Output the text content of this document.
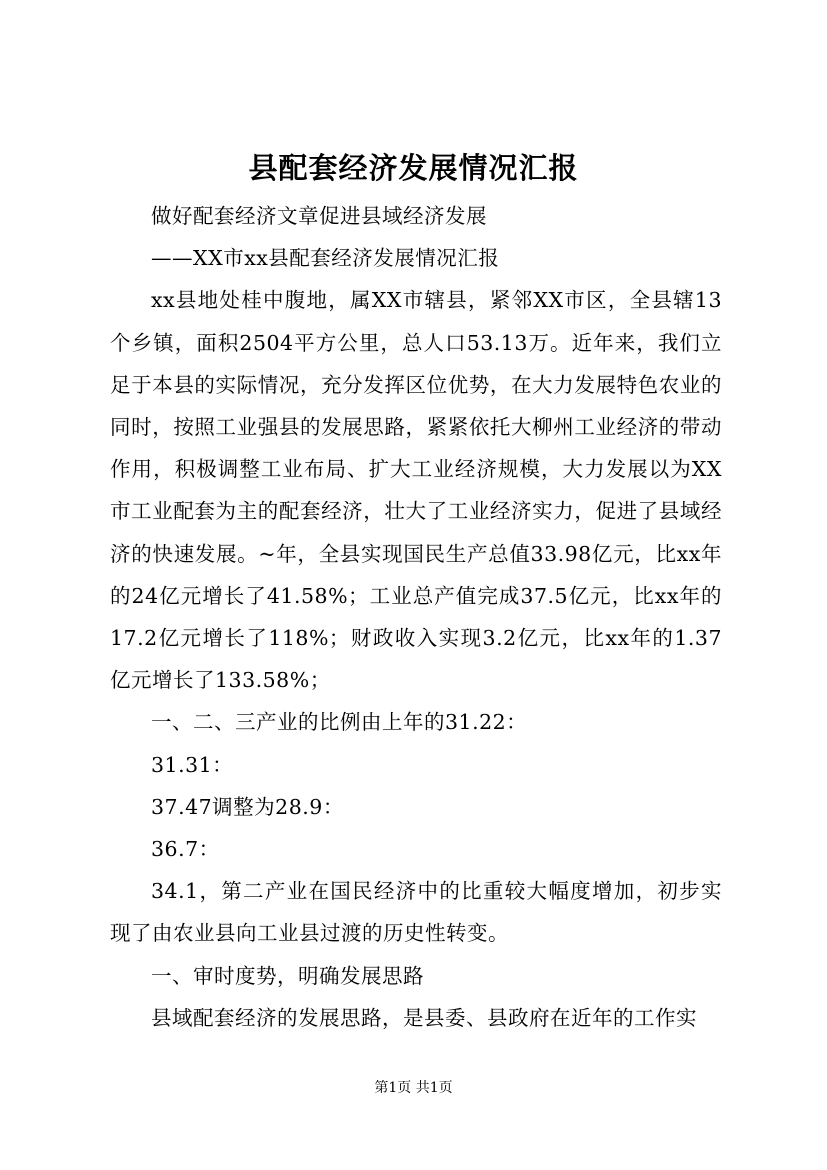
县配套经济发展情况汇报

做好配套经济文章促进县域经济发展

——XX市xx县配套经济发展情况汇报

xx县地处桂中腹地，属XX市辖县，紧邻XX市区，全县辖13个乡镇，面积2504平方公里，总人口53.13万。近年来，我们立足于本县的实际情况，充分发挥区位优势，在大力发展特色农业的同时，按照工业强县的发展思路，紧紧依托大柳州工业经济的带动作用，积极调整工业布局、扩大工业经济规模，大力发展以为XX市工业配套为主的配套经济，壮大了工业经济实力，促进了县域经济的快速发展。~年，全县实现国民生产总值33.98亿元，比xx年的24亿元增长了41.58%；工业总产值完成37.5亿元，比xx年的17.2亿元增长了118%；财政收入实现3.2亿元，比xx年的1.37亿元增长了133.58%；

一、二、三产业的比例由上年的31.22：

31.31：

37.47调整为28.9：

36.7：

34.1，第二产业在国民经济中的比重较大幅度增加，初步实现了由农业县向工业县过渡的历史性转变。

一、审时度势，明确发展思路

县域配套经济的发展思路，是县委、县政府在近年的工作实

第1页 共1页
